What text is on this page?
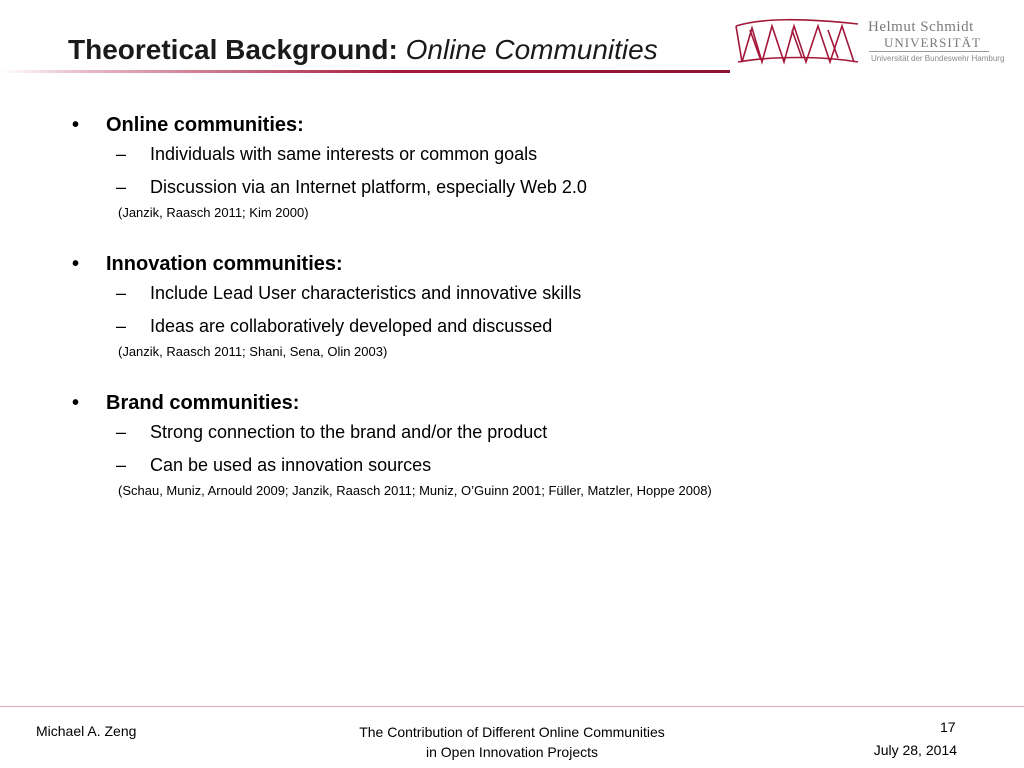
Theoretical Background: Online Communities
Helmut Schmidt
UNIVERSITÄT
Universität der Bundeswehr Hamburg
•	Online communities:
–	Individuals with same interests or common goals
–	Discussion via an Internet platform, especially Web 2.0
(Janzik, Raasch 2011; Kim 2000)
•	Innovation communities:
–	Include Lead User characteristics and innovative skills
–	Ideas are collaboratively developed and discussed
(Janzik, Raasch 2011; Shani, Sena, Olin 2003)
•	Brand communities:
–	Strong connection to the brand and/or the product
–	Can be used as innovation sources
(Schau, Muniz, Arnould 2009; Janzik, Raasch 2011; Muniz, O’Guinn 2001; Füller, Matzler, Hoppe 2008)
Michael A. Zeng	The Contribution of Different Online Communities
in Open Innovation Projects
17
July 28, 2014
